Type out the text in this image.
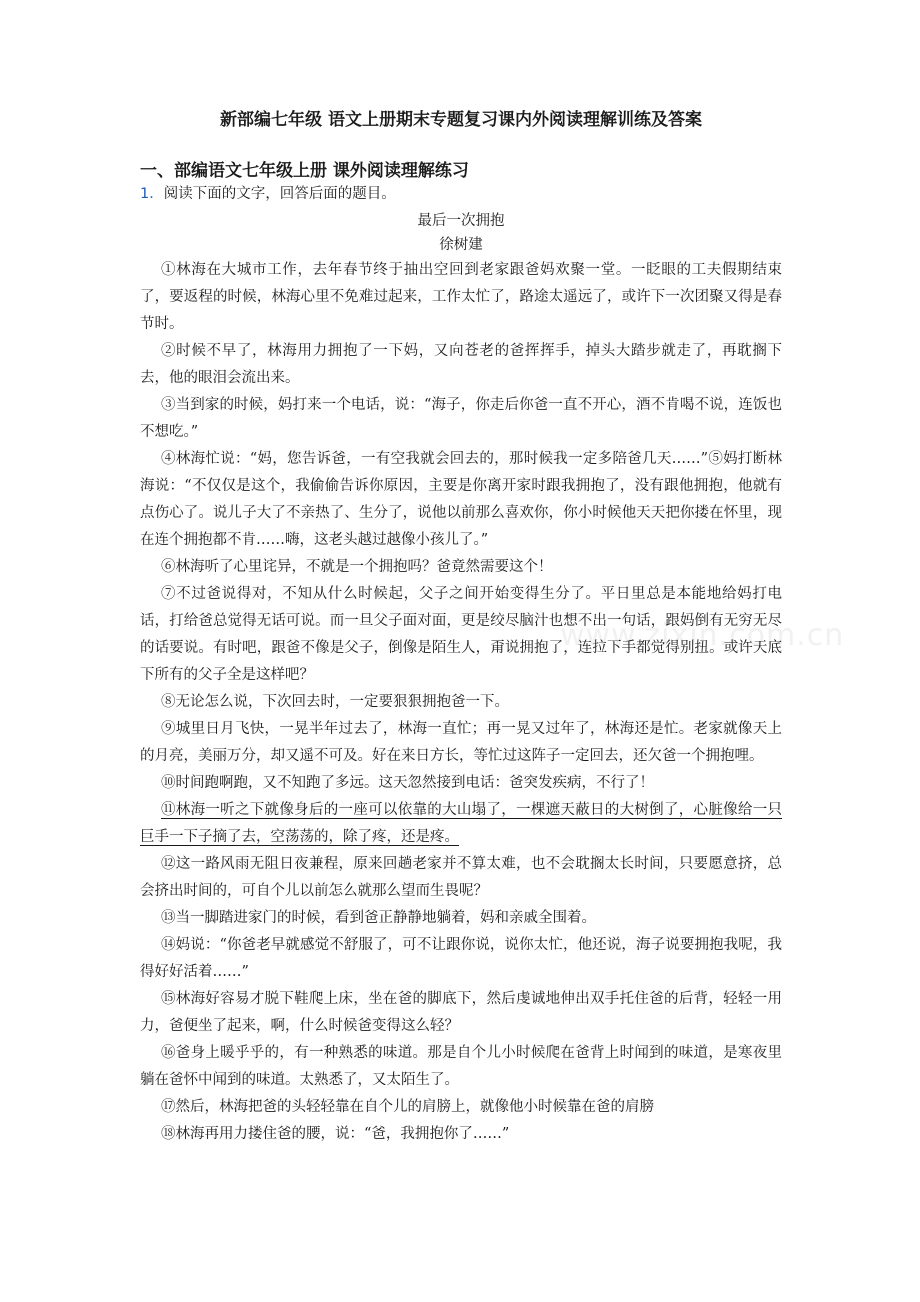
www.zixin.com.cn
新部编七年级 语文上册期末专题复习课内外阅读理解训练及答案
一、部编语文七年级上册 课外阅读理解练习

1．阅读下面的文字，回答后面的题目。

最后一次拥抱

徐树建

①林海在大城市工作，去年春节终于抽出空回到老家跟爸妈欢聚一堂。一眨眼的工夫假期结束了，要返程的时候，林海心里不免难过起来，工作太忙了，路途太遥远了，或许下一次团聚又得是春节时。

②时候不早了，林海用力拥抱了一下妈，又向苍老的爸挥挥手，掉头大踏步就走了，再耽搁下去，他的眼泪会流出来。

③当到家的时候，妈打来一个电话，说：“海子，你走后你爸一直不开心，酒不肯喝不说，连饭也不想吃。”

④林海忙说：“妈，您告诉爸，一有空我就会回去的，那时候我一定多陪爸几天……”⑤妈打断林海说：“不仅仅是这个，我偷偷告诉你原因，主要是你离开家时跟我拥抱了，没有跟他拥抱，他就有点伤心了。说儿子大了不亲热了、生分了，说他以前那么喜欢你，你小时候他天天把你搂在怀里，现在连个拥抱都不肯……嗨，这老头越过越像小孩儿了。”

⑥林海听了心里诧异，不就是一个拥抱吗？爸竟然需要这个！

⑦不过爸说得对，不知从什么时候起，父子之间开始变得生分了。平日里总是本能地给妈打电话，打给爸总觉得无话可说。而一旦父子面对面，更是绞尽脑汁也想不出一句话，跟妈倒有无穷无尽的话要说。有时吧，跟爸不像是父子，倒像是陌生人，甭说拥抱了，连拉下手都觉得别扭。或许天底下所有的父子全是这样吧？

⑧无论怎么说，下次回去时，一定要狠狠拥抱爸一下。

⑨城里日月飞快，一晃半年过去了，林海一直忙；再一晃又过年了，林海还是忙。老家就像天上的月亮，美丽万分，却又遥不可及。好在来日方长，等忙过这阵子一定回去，还欠爸一个拥抱哩。

⑩时间跑啊跑，又不知跑了多远。这天忽然接到电话：爸突发疾病，不行了！

⑪林海一听之下就像身后的一座可以依靠的大山塌了，一棵遮天蔽日的大树倒了，心脏像给一只巨手一下子摘了去，空荡荡的，除了疼，还是疼。

⑫这一路风雨无阻日夜兼程，原来回趟老家并不算太难，也不会耽搁太长时间，只要愿意挤，总会挤出时间的，可自个儿以前怎么就那么望而生畏呢？

⑬当一脚踏进家门的时候，看到爸正静静地躺着，妈和亲戚全围着。

⑭妈说：“你爸老早就感觉不舒服了，可不让跟你说，说你太忙，他还说，海子说要拥抱我呢，我得好好活着……”

⑮林海好容易才脱下鞋爬上床，坐在爸的脚底下，然后虔诚地伸出双手托住爸的后背，轻轻一用力，爸便坐了起来，啊，什么时候爸变得这么轻？

⑯爸身上暖乎乎的，有一种熟悉的味道。那是自个儿小时候爬在爸背上时闻到的味道，是寒夜里躺在爸怀中闻到的味道。太熟悉了，又太陌生了。

⑰然后，林海把爸的头轻轻靠在自个儿的肩膀上，就像他小时候靠在爸的肩膀

⑱林海再用力搂住爸的腰，说：“爸，我拥抱你了……”
